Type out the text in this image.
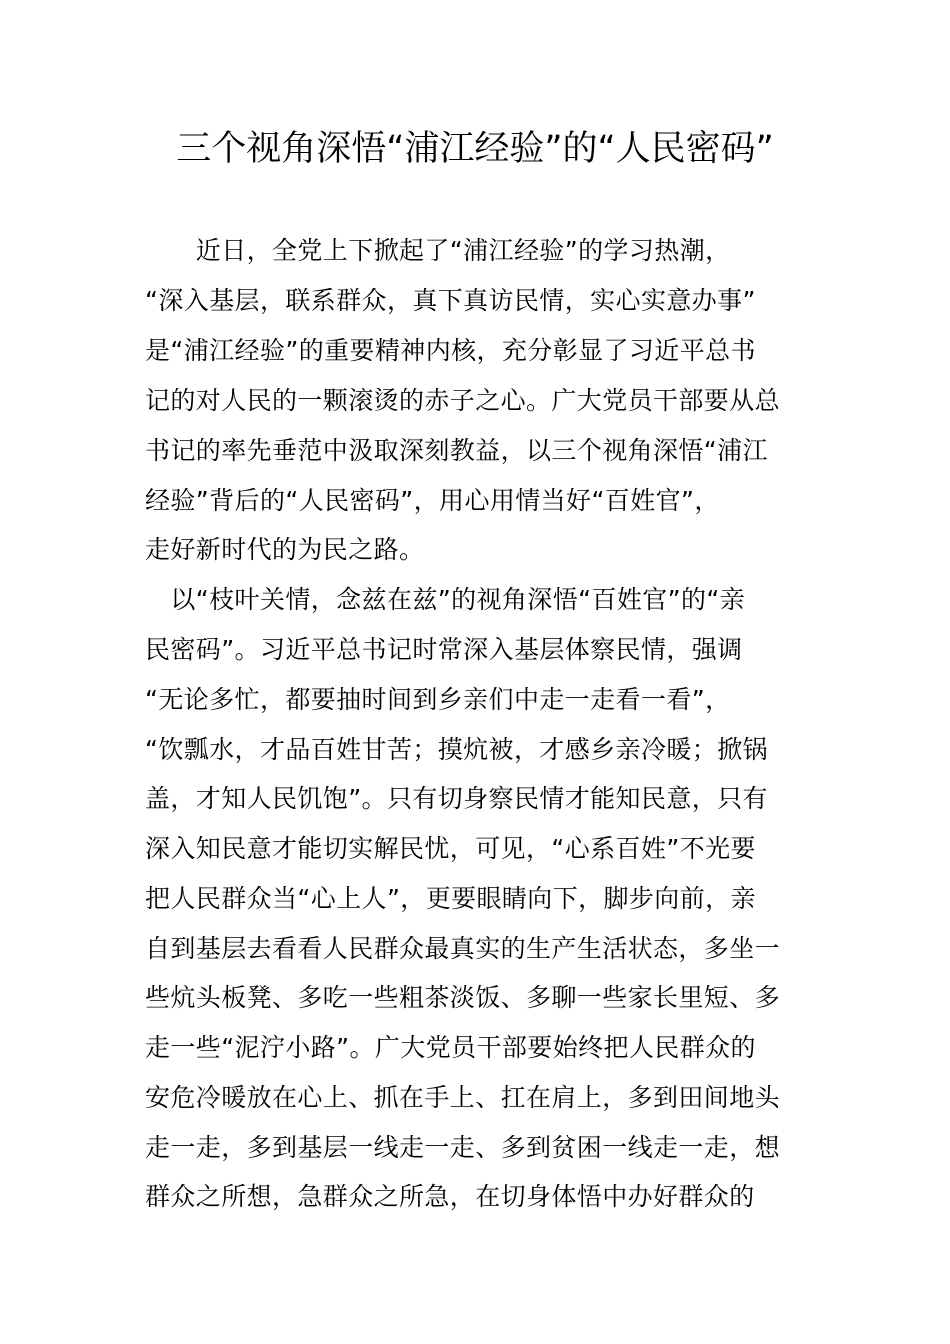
三个视角深悟“浦江经验”的“人民密码”
　　近日，全党上下掀起了“浦江经验”的学习热潮，
“深入基层，联系群众，真下真访民情，实心实意办事”
是“浦江经验”的重要精神内核，充分彰显了习近平总书
记的对人民的一颗滚烫的赤子之心。广大党员干部要从总
书记的率先垂范中汲取深刻教益，以三个视角深悟“浦江
经验”背后的“人民密码”，用心用情当好“百姓官”，
走好新时代的为民之路。
　以“枝叶关情，念兹在兹”的视角深悟“百姓官”的“亲
民密码”。习近平总书记时常深入基层体察民情，强调
“无论多忙，都要抽时间到乡亲们中走一走看一看”，
“饮瓢水，才品百姓甘苦；摸炕被，才感乡亲冷暖；掀锅
盖，才知人民饥饱”。只有切身察民情才能知民意，只有
深入知民意才能切实解民忧，可见，“心系百姓”不光要
把人民群众当“心上人”，更要眼睛向下，脚步向前，亲
自到基层去看看人民群众最真实的生产生活状态，多坐一
些炕头板凳、多吃一些粗茶淡饭、多聊一些家长里短、多
走一些“泥泞小路”。广大党员干部要始终把人民群众的
安危冷暖放在心上、抓在手上、扛在肩上，多到田间地头
走一走，多到基层一线走一走、多到贫困一线走一走，想
群众之所想，急群众之所急，在切身体悟中办好群众的
